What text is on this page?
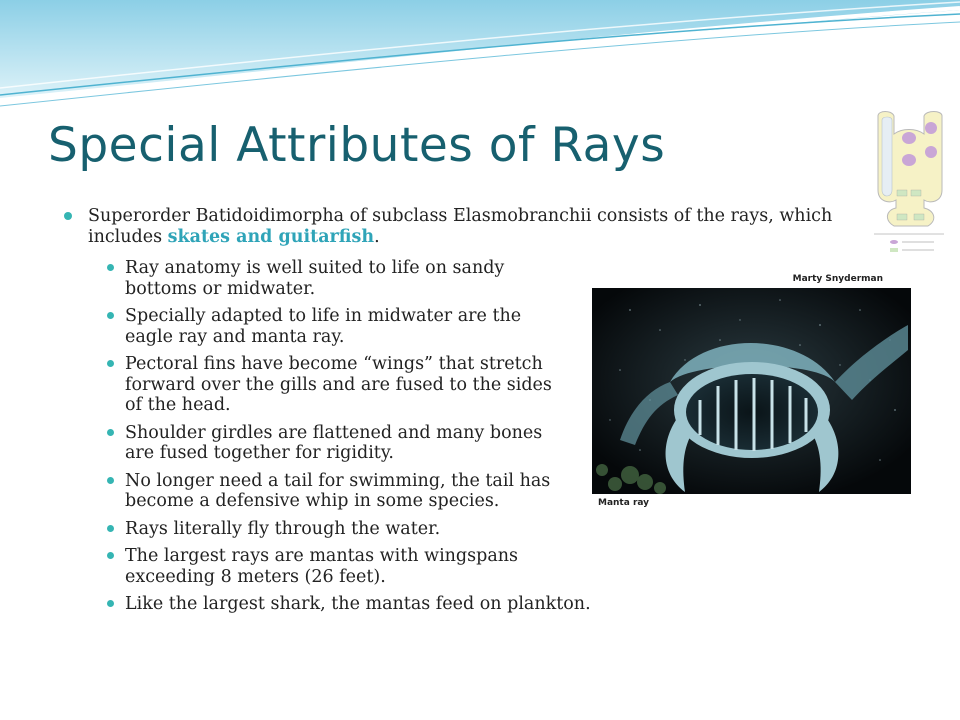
Special Attributes of Rays
Superorder Batidoidimorpha of subclass Elasmobranchii consists of the rays, which includes skates and guitarfish.
Ray anatomy is well suited to life on sandy bottoms or midwater.
Specially adapted to life in midwater are the eagle ray and manta ray.
Pectoral fins have become “wings” that stretch forward over the gills and are fused to the sides of the head.
Shoulder girdles are flattened and many bones are fused together for rigidity.
No longer need a tail for swimming, the tail has become a defensive whip in some species.
Rays literally fly through the water.
The largest rays are mantas with wingspans exceeding 8 meters (26 feet).
Like the largest shark, the mantas feed on plankton.
Marty Snyderman
Manta ray
